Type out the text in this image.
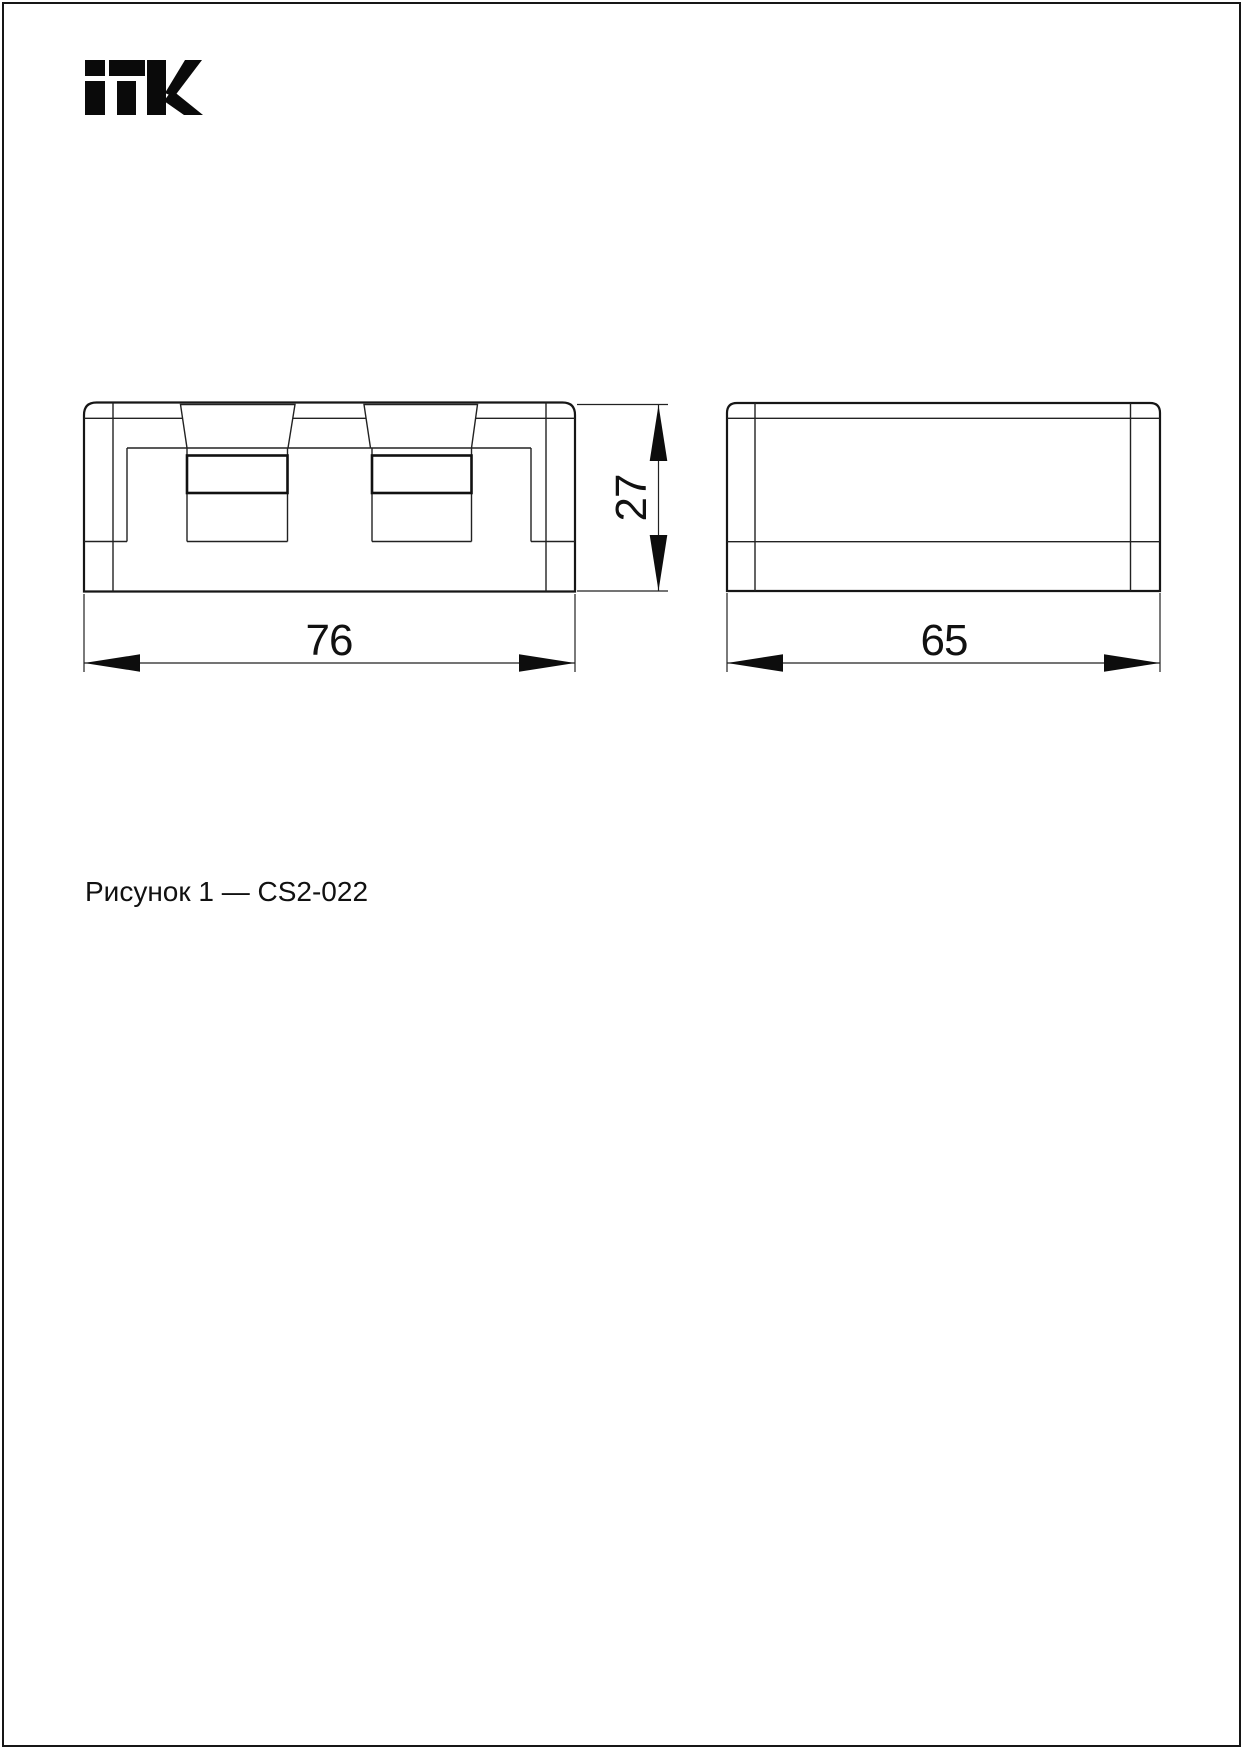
76
27
65
Рисунок 1 — CS2-022
